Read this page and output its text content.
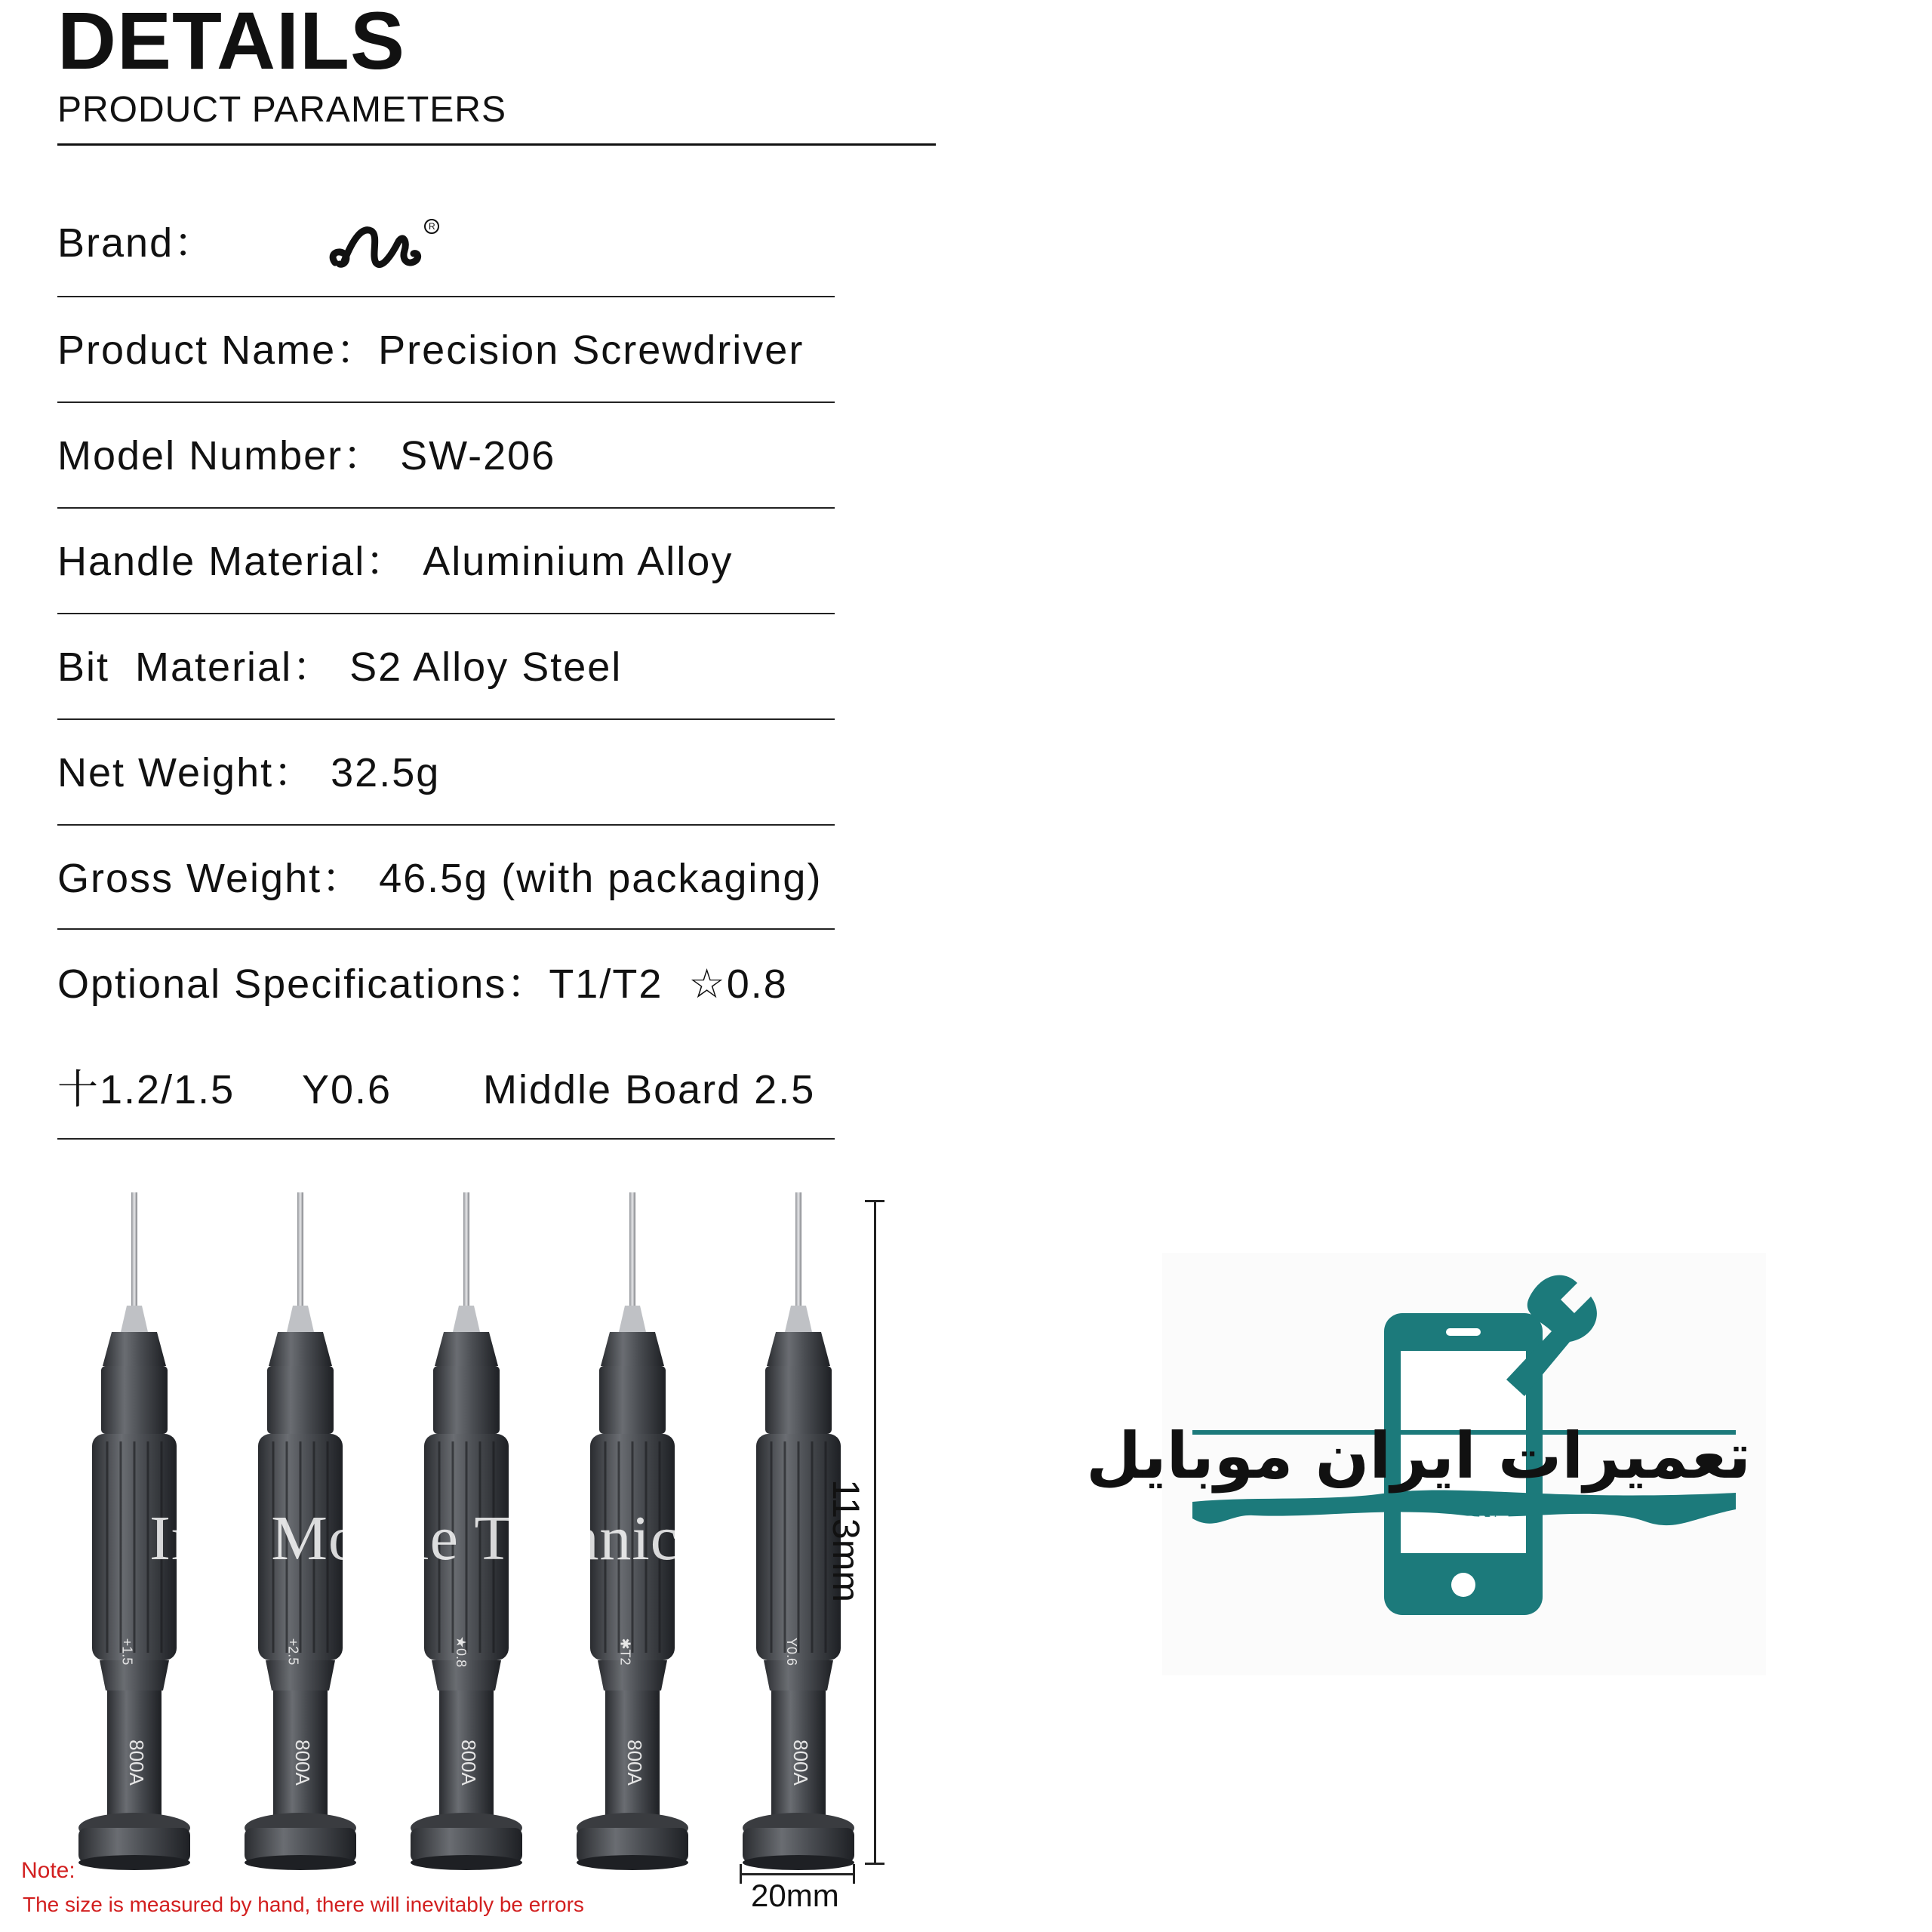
DETAILS
PRODUCT PARAMETERS
Brand：	R
Product Name：Precision Screwdriver
Model Number： SW-206
Handle Material： Aluminium Alloy
Bit  Material： S2 Alloy Steel
Net Weight： 32.5g
Gross Weight： 46.5g (with packaging)
Optional Specifications：T1/T2  ☆0.8
十1.2/1.5 Y0.6 Middle Board 2.5
+1.5	+2.5	★0.8	✱T2	Y0.6
800A	800A	800A	800A	800A
Iran Mobile Technical	113mm
20mm
Note:
The size is measured by hand, there will inevitably be errors
تعمیرات ایران موبایل
PHONE
REPAIR
